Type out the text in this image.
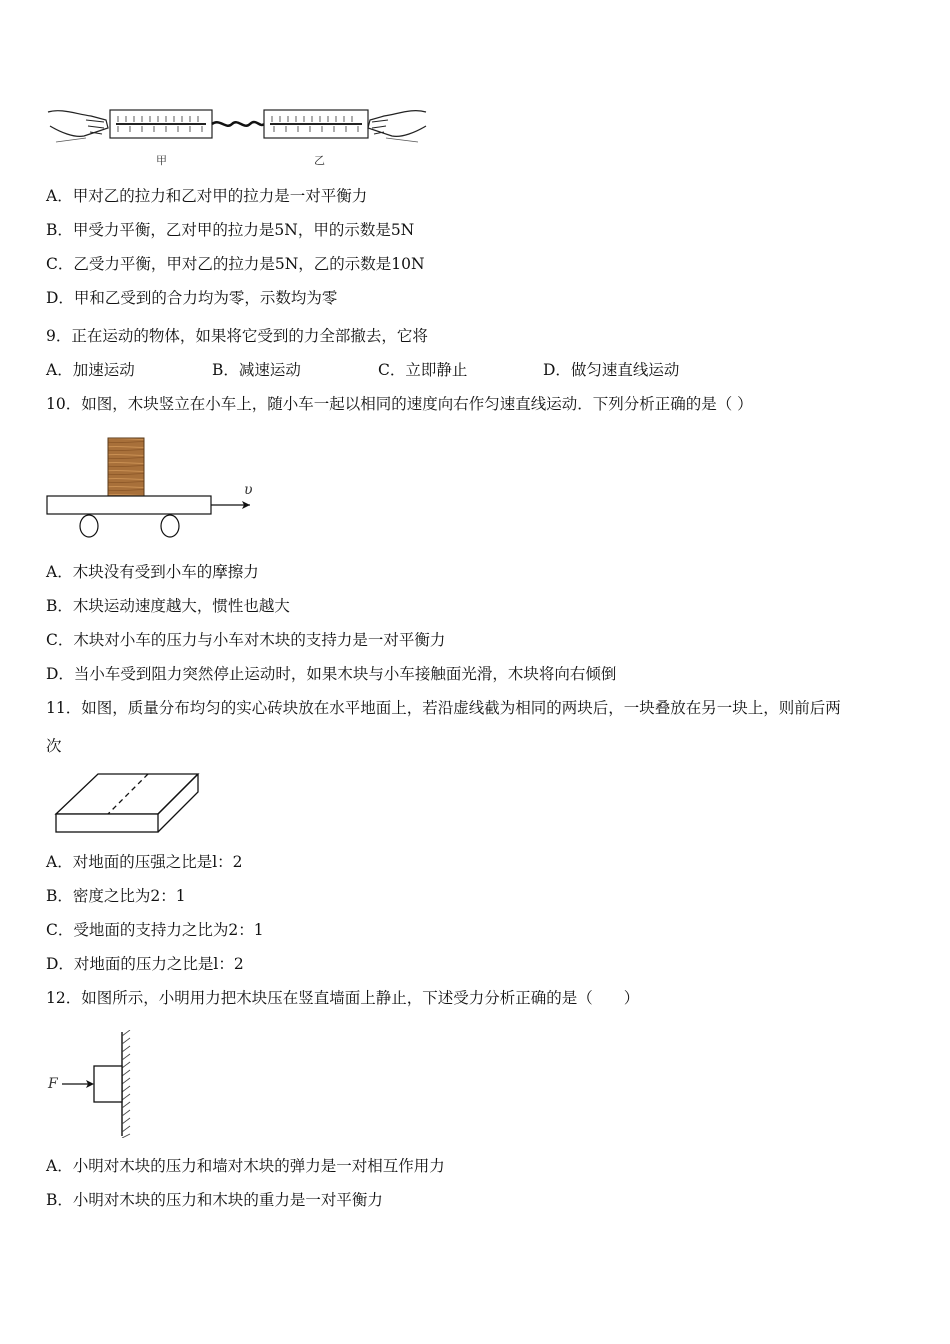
甲	乙
A．甲对乙的拉力和乙对甲的拉力是一对平衡力
B．甲受力平衡，乙对甲的拉力是5N，甲的示数是5N
C．乙受力平衡，甲对乙的拉力是5N，乙的示数是10N
D．甲和乙受到的合力均为零，示数均为零
9．正在运动的物体，如果将它受到的力全部撤去，它将
A．加速运动	B．减速运动	C．立即静止	D．做匀速直线运动
10．如图，木块竖立在小车上，随小车一起以相同的速度向右作匀速直线运动．下列分析正确的是（ ）
υ
A．木块没有受到小车的摩擦力
B．木块运动速度越大，惯性也越大
C．木块对小车的压力与小车对木块的支持力是一对平衡力
D．当小车受到阻力突然停止运动时，如果木块与小车接触面光滑，木块将向右倾倒
11．如图，质量分布均匀的实心砖块放在水平地面上，若沿虚线截为相同的两块后，一块叠放在另一块上，则前后两
次
A．对地面的压强之比是l：2
B．密度之比为2：1
C．受地面的支持力之比为2：1
D．对地面的压力之比是l：2
12．如图所示，小明用力把木块压在竖直墙面上静止，下述受力分析正确的是（　　）
F
A．小明对木块的压力和墙对木块的弹力是一对相互作用力
B．小明对木块的压力和木块的重力是一对平衡力
